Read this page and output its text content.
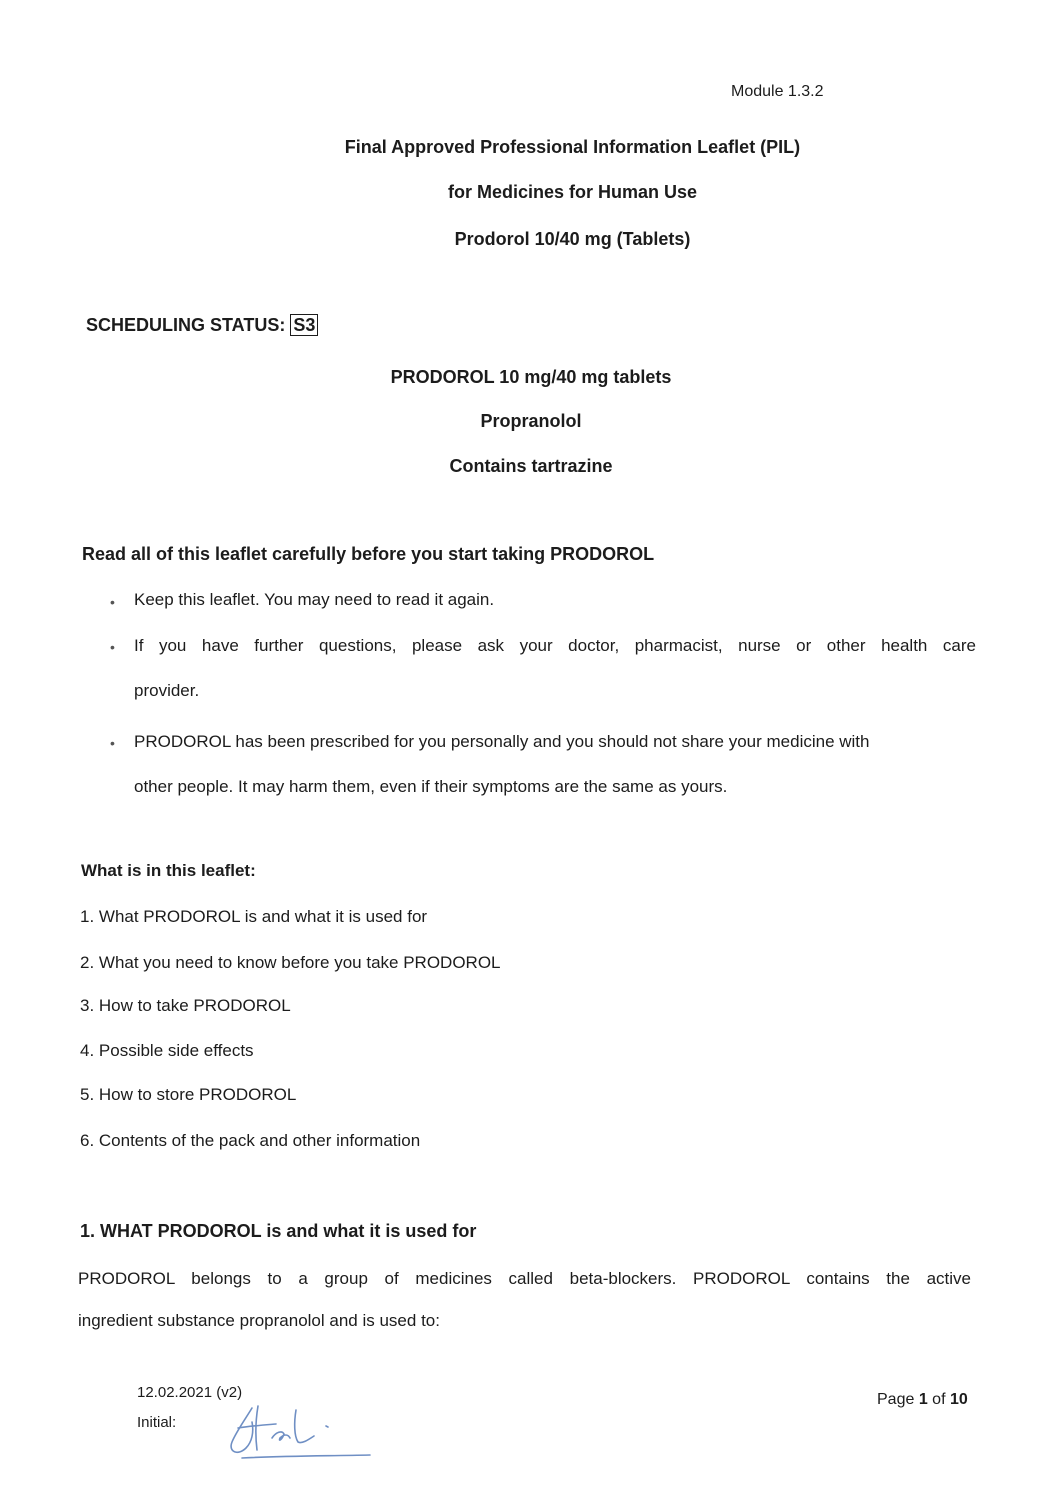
Module 1.3.2
Final Approved Professional Information Leaflet (PIL)
for Medicines for Human Use
Prodorol 10/40 mg (Tablets)
SCHEDULING STATUS: S3
PRODOROL 10 mg/40 mg tablets
Propranolol
Contains tartrazine
Read all of this leaflet carefully before you start taking PRODOROL
• Keep this leaflet. You may need to read it again.
• If you have further questions, please ask your doctor, pharmacist, nurse or other health care
provider.
• PRODOROL has been prescribed for you personally and you should not share your medicine with
other people. It may harm them, even if their symptoms are the same as yours.
What is in this leaflet:
1. What PRODOROL is and what it is used for
2. What you need to know before you take PRODOROL
3. How to take PRODOROL
4. Possible side effects
5. How to store PRODOROL
6. Contents of the pack and other information
1. WHAT PRODOROL is and what it is used for
PRODOROL belongs to a group of medicines called beta-blockers. PRODOROL contains the active
ingredient substance propranolol and is used to:
12.02.2021 (v2)
Initial:
Page 1 of 10
